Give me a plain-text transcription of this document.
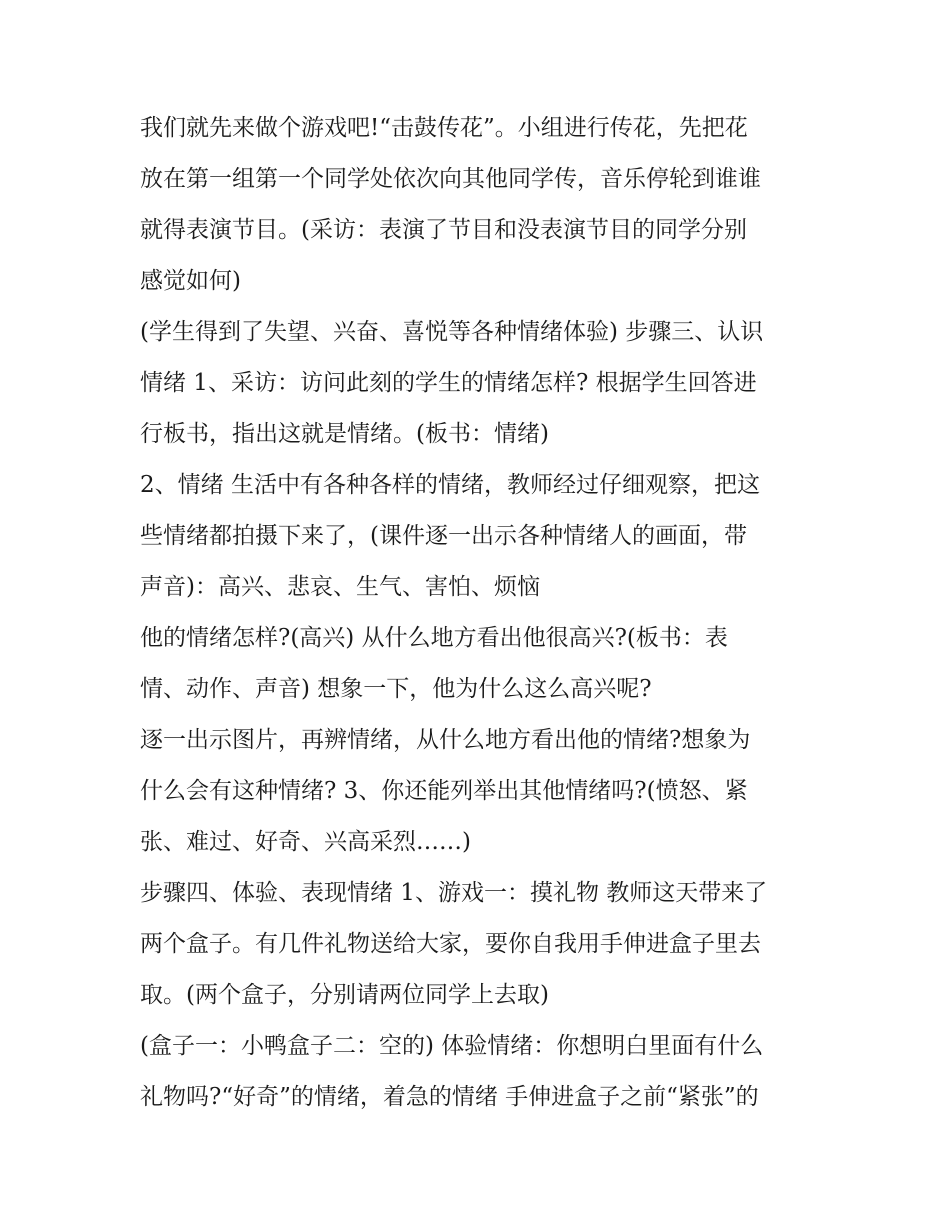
我们就先来做个游戏吧!“击鼓传花”。小组进行传花，先把花
放在第一组第一个同学处依次向其他同学传，音乐停轮到谁谁
就得表演节目。(采访：表演了节目和没表演节目的同学分别
感觉如何)
(学生得到了失望、兴奋、喜悦等各种情绪体验) 步骤三、认识
情绪 1、采访：访问此刻的学生的情绪怎样? 根据学生回答进
行板书，指出这就是情绪。(板书：情绪)
2、情绪 生活中有各种各样的情绪，教师经过仔细观察，把这
些情绪都拍摄下来了，(课件逐一出示各种情绪人的画面，带
声音)：高兴、悲哀、生气、害怕、烦恼
他的情绪怎样?(高兴) 从什么地方看出他很高兴?(板书：表
情、动作、声音) 想象一下，他为什么这么高兴呢?
逐一出示图片，再辨情绪，从什么地方看出他的情绪?想象为
什么会有这种情绪? 3、你还能列举出其他情绪吗?(愤怒、紧
张、难过、好奇、兴高采烈……)
步骤四、体验、表现情绪 1、游戏一：摸礼物 教师这天带来了
两个盒子。有几件礼物送给大家，要你自我用手伸进盒子里去
取。(两个盒子，分别请两位同学上去取)
(盒子一：小鸭盒子二：空的) 体验情绪：你想明白里面有什么
礼物吗?“好奇”的情绪，着急的情绪 手伸进盒子之前“紧张”的
